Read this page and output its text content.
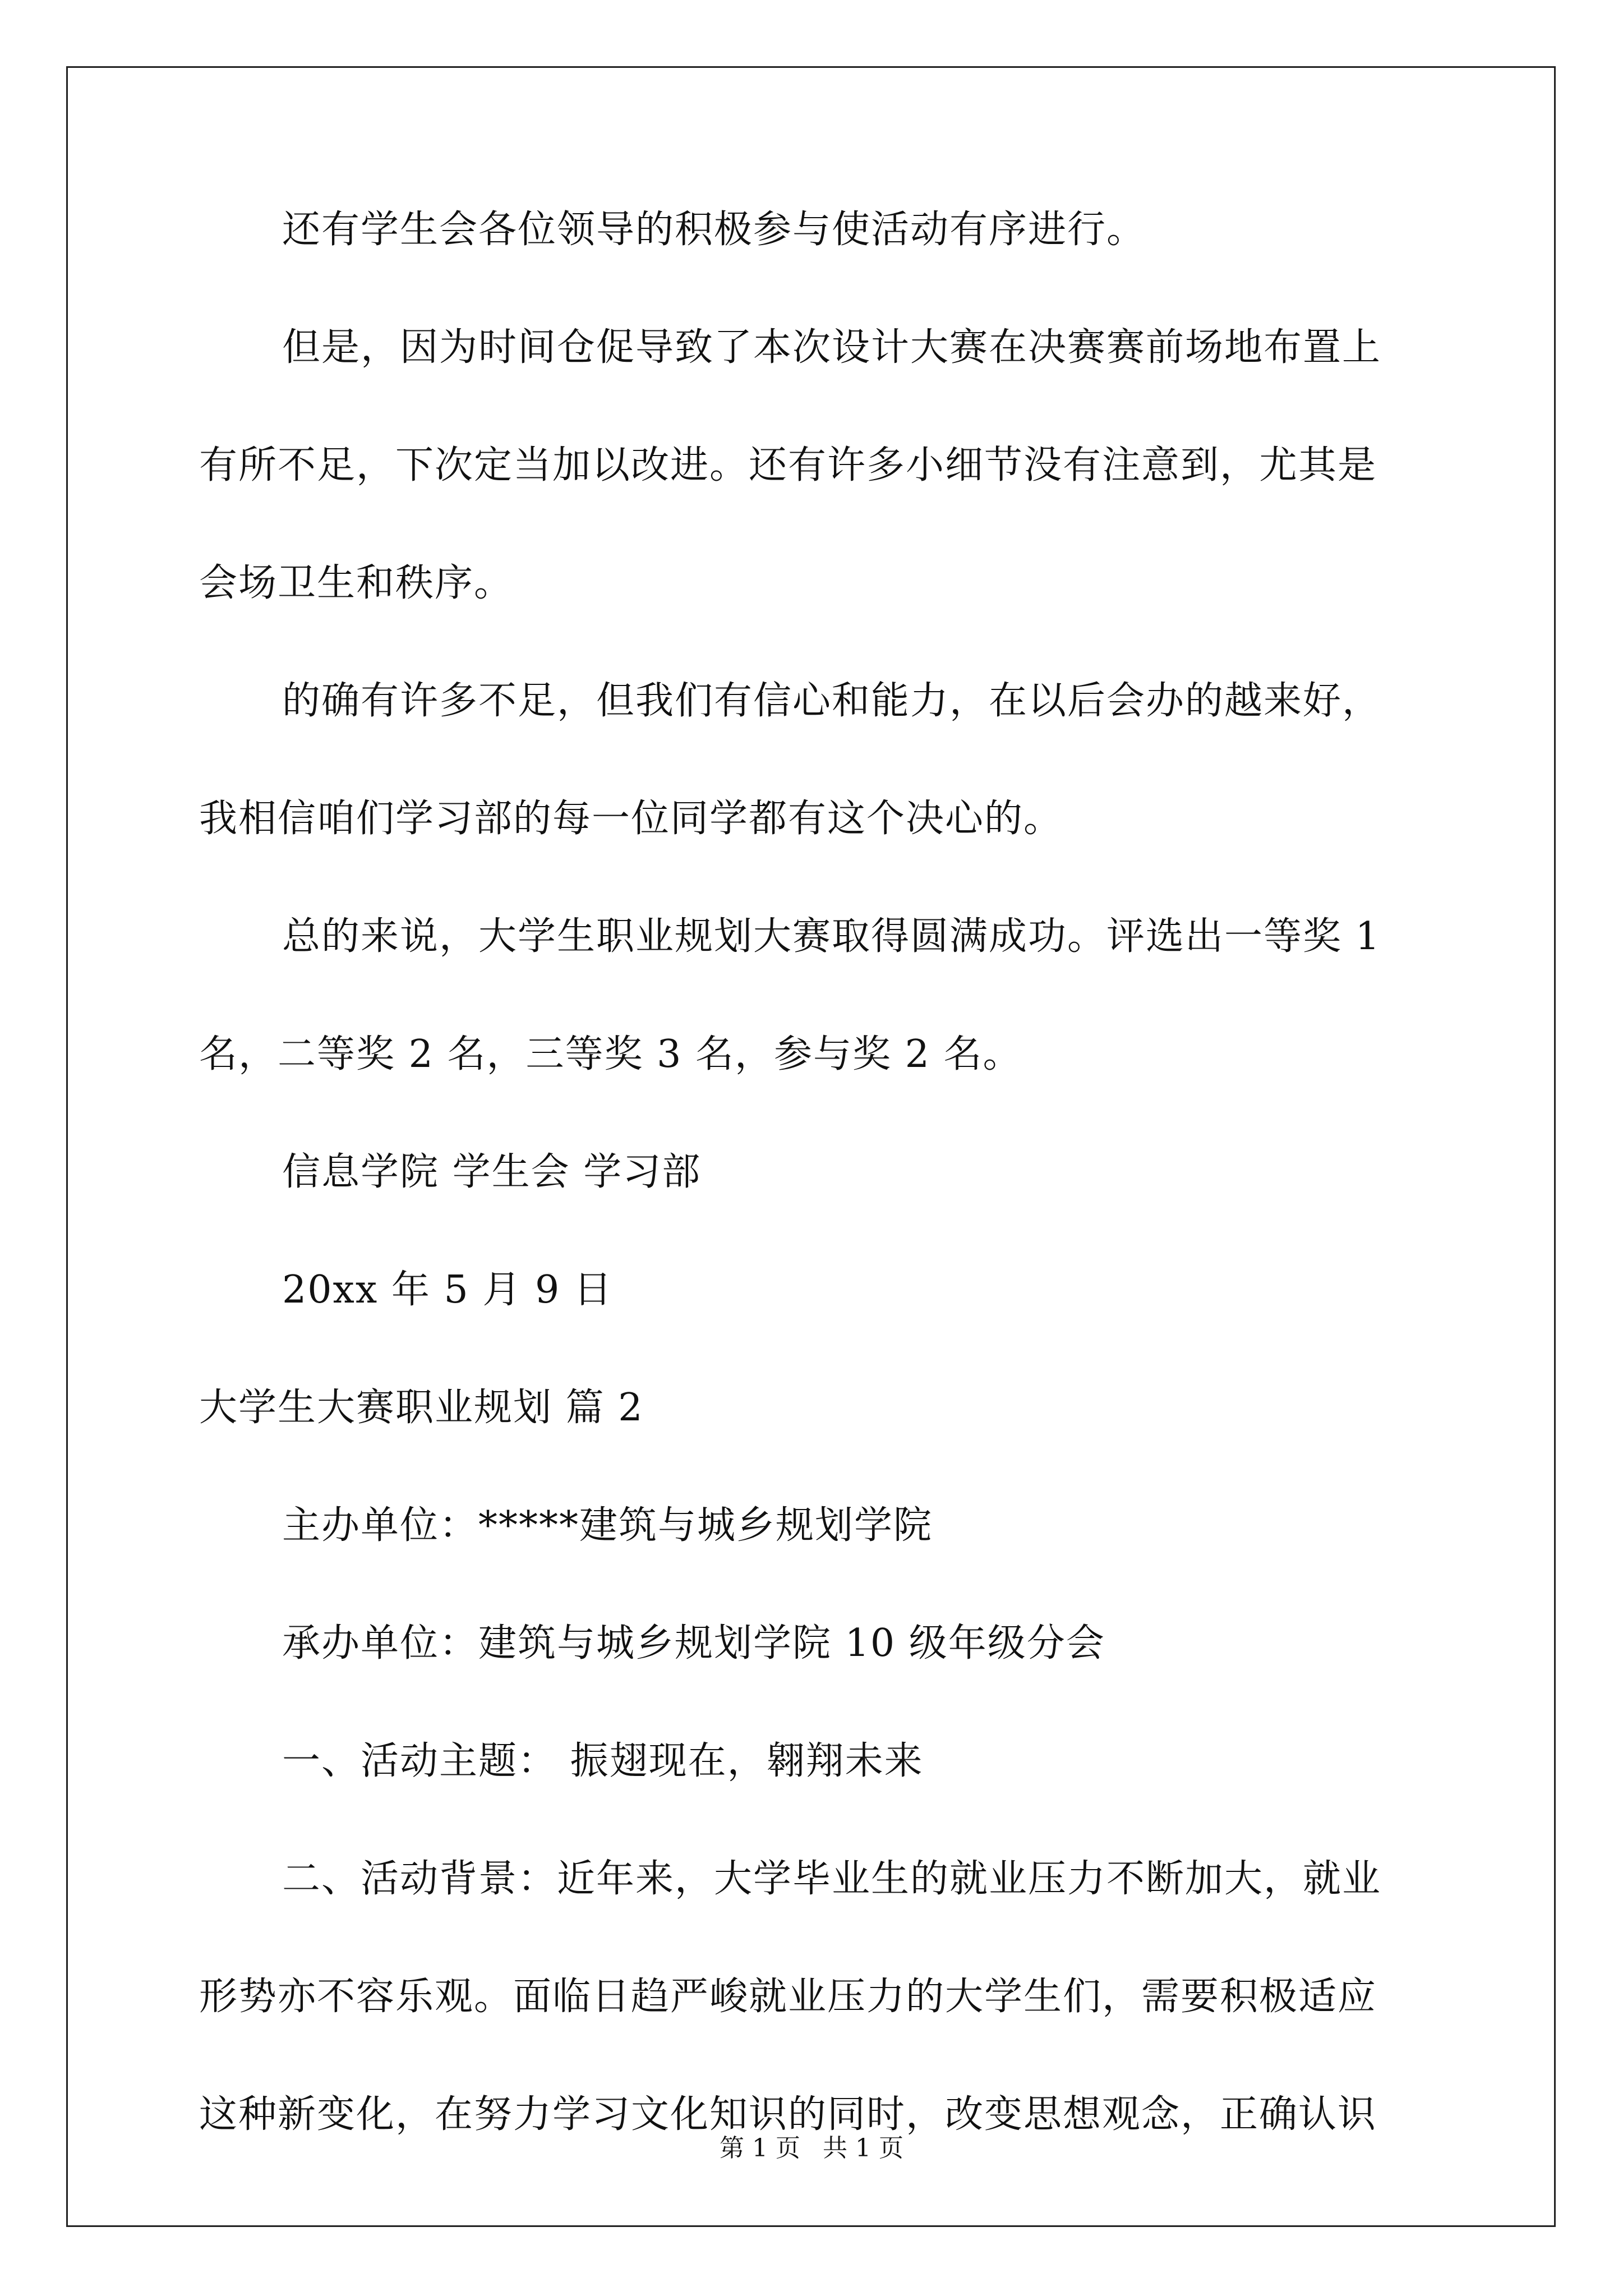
还有学生会各位领导的积极参与使活动有序进行。
但是，因为时间仓促导致了本次设计大赛在决赛赛前场地布置上
有所不足，下次定当加以改进。还有许多小细节没有注意到，尤其是
会场卫生和秩序。
的确有许多不足，但我们有信心和能力，在以后会办的越来好，
我相信咱们学习部的每一位同学都有这个决心的。
总的来说，大学生职业规划大赛取得圆满成功。评选出一等奖 1
名，二等奖 2 名，三等奖 3 名，参与奖 2 名。
信息学院 学生会 学习部
20xx 年 5 月 9 日
大学生大赛职业规划 篇 2
主办单位：*****建筑与城乡规划学院
承办单位：建筑与城乡规划学院 10 级年级分会
一、活动主题： 振翅现在，翱翔未来
二、活动背景：近年来，大学毕业生的就业压力不断加大，就业
形势亦不容乐观。面临日趋严峻就业压力的大学生们，需要积极适应
这种新变化，在努力学习文化知识的同时，改变思想观念，正确认识
第 1 页 共 1 页
